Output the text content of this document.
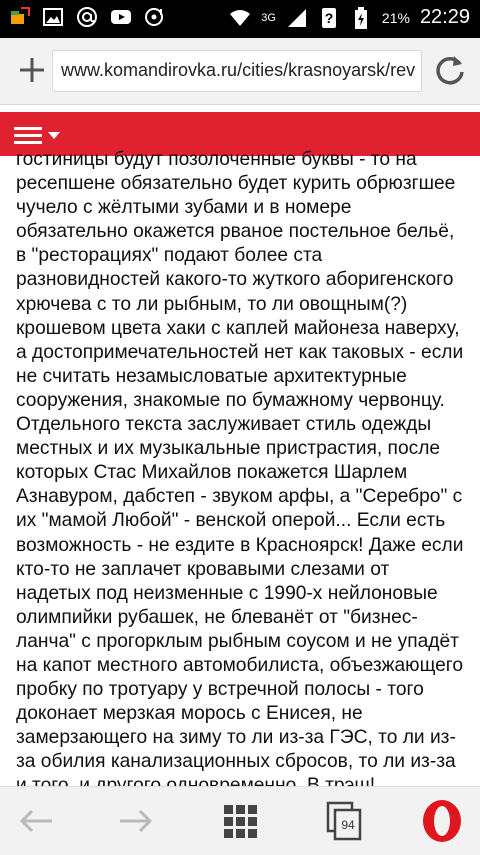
3G	?	21% 22:29
www.komandirovka.ru/cities/krasnoyarsk/rev

гостиницы будут позолоченные буквы - то на ресепшене обязательно будет курить обрюзгшее чучело с жёлтыми зубами и в номере обязательно окажется рваное постельное бельё, в "ресторациях" подают более ста разновидностей какого-то жуткого аборигенского хрючева с то ли рыбным, то ли овощным(?) крошевом цвета хаки с каплей майонеза наверху, а достопримечательностей нет как таковых - если не считать незамысловатые архитектурные сооружения, знакомые по бумажному червонцу. Отдельного текста заслуживает стиль одежды местных и их музыкальные пристрастия, после которых Стас Михайлов покажется Шарлем Азнавуром, дабстеп - звуком арфы, а "Серебро" с их "мамой Любой" - венской оперой... Если есть возможность - не ездите в Красноярск! Даже если кто-то не заплачет кровавыми слезами от надетых под неизменные с 1990-х нейлоновые олимпийки рубашек, не блеванёт от "бизнес-ланча" с прогорклым рыбным соусом и не упадёт на капот местного автомобилиста, объезжающего пробку по тротуару у встречной полосы - того доконает мерзкая морось с Енисея, не замерзающего на зиму то ли из-за ГЭС, то ли из-за обилия канализационных сбросов, то ли из-за

94
